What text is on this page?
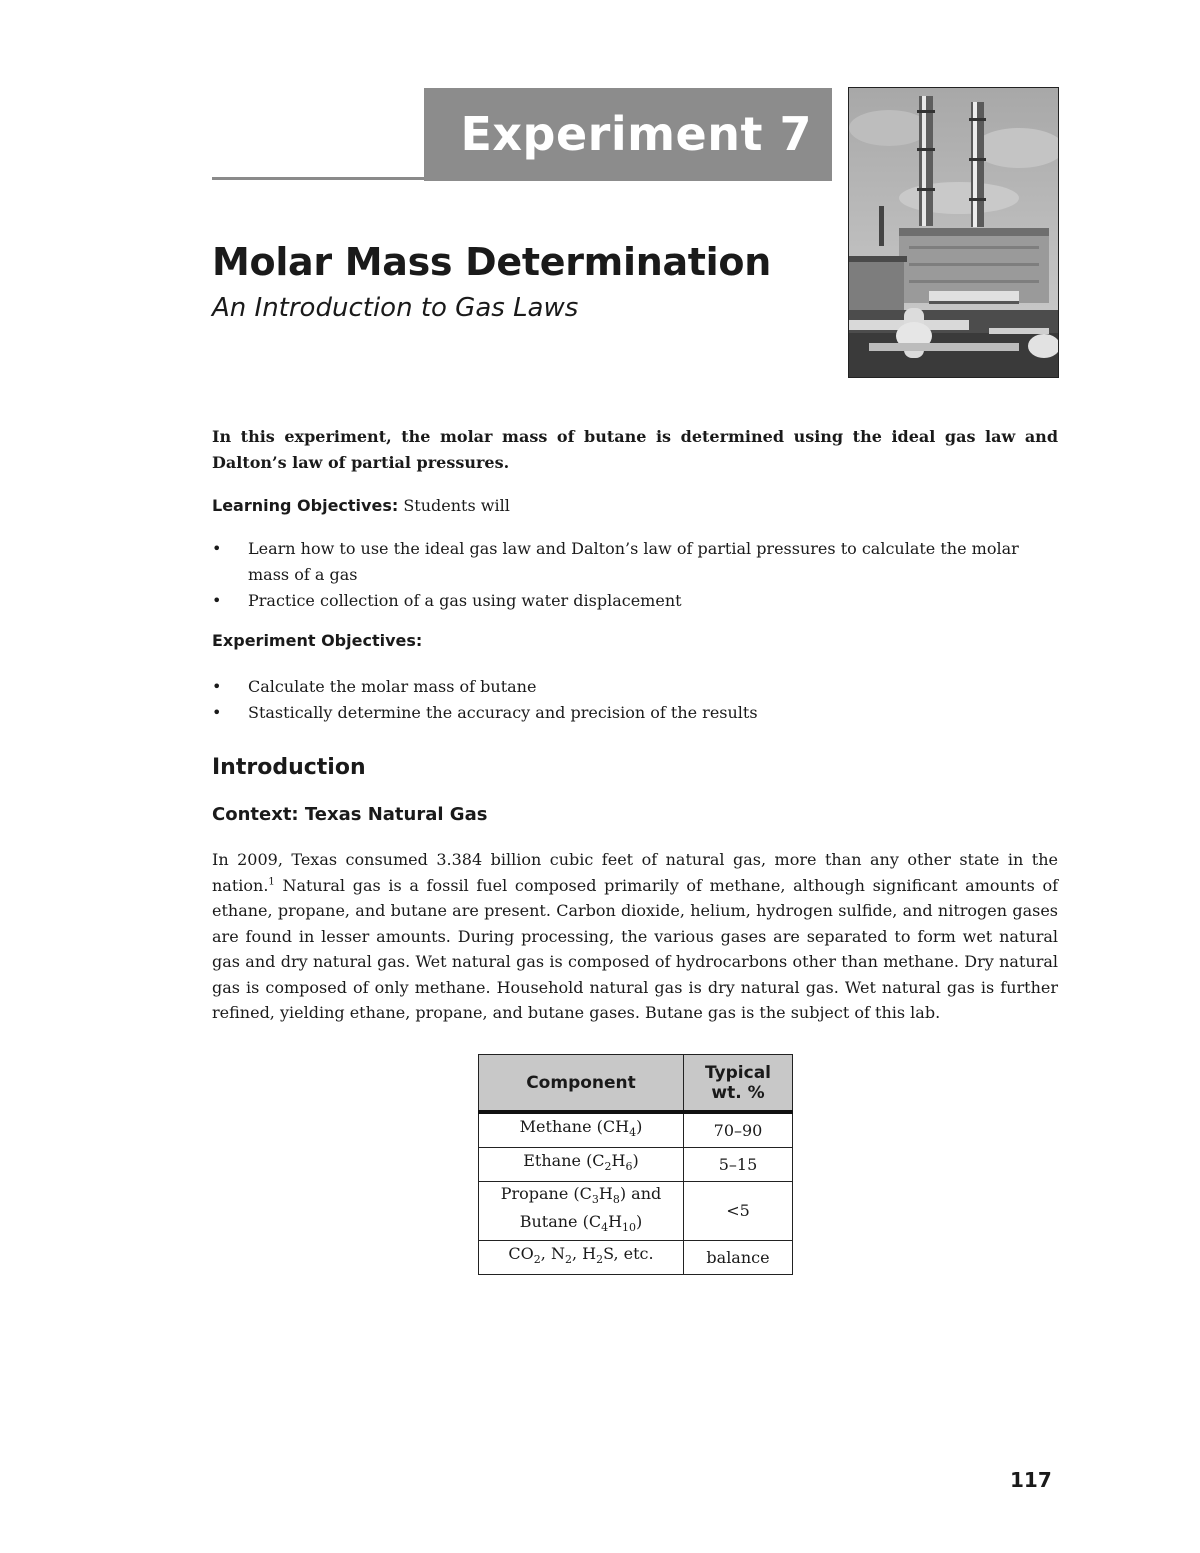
Experiment 7
Molar Mass Determination
An Introduction to Gas Laws
In this experiment, the molar mass of butane is determined using the ideal gas law and Dalton’s law of partial pressures.
Learning Objectives: Students will
• Learn how to use the ideal gas law and Dalton’s law of partial pressures to calculate the molar mass of a gas
• Practice collection of a gas using water displacement
Experiment Objectives:
• Calculate the molar mass of butane
• Stastically determine the accuracy and precision of the results
Introduction
Context: Texas Natural Gas
In 2009, Texas consumed 3.384 billion cubic feet of natural gas, more than any other state in the nation.$^1$ Natural gas is a fossil fuel composed primarily of methane, although significant amounts of ethane, propane, and butane are present. Carbon dioxide, helium, hydrogen sulfide, and nitrogen gases are found in lesser amounts. During processing, the various gases are separated to form wet natural gas and dry natural gas. Wet natural gas is composed of hydrocarbons other than methane. Dry natural gas is composed of only methane. Household natural gas is dry natural gas. Wet natural gas is further refined, yielding ethane, propane, and butane gases. Butane gas is the subject of this lab.
Component	Typical
wt. %
Methane $(CH_4)$	70–90
Ethane $(C_2H_6)$	5–15
Propane $(C_3H_8)$ and
Butane $(C_4H_{10})$	<5
$CO_2$, $N_2$, $H_2S$, etc.	balance
117
